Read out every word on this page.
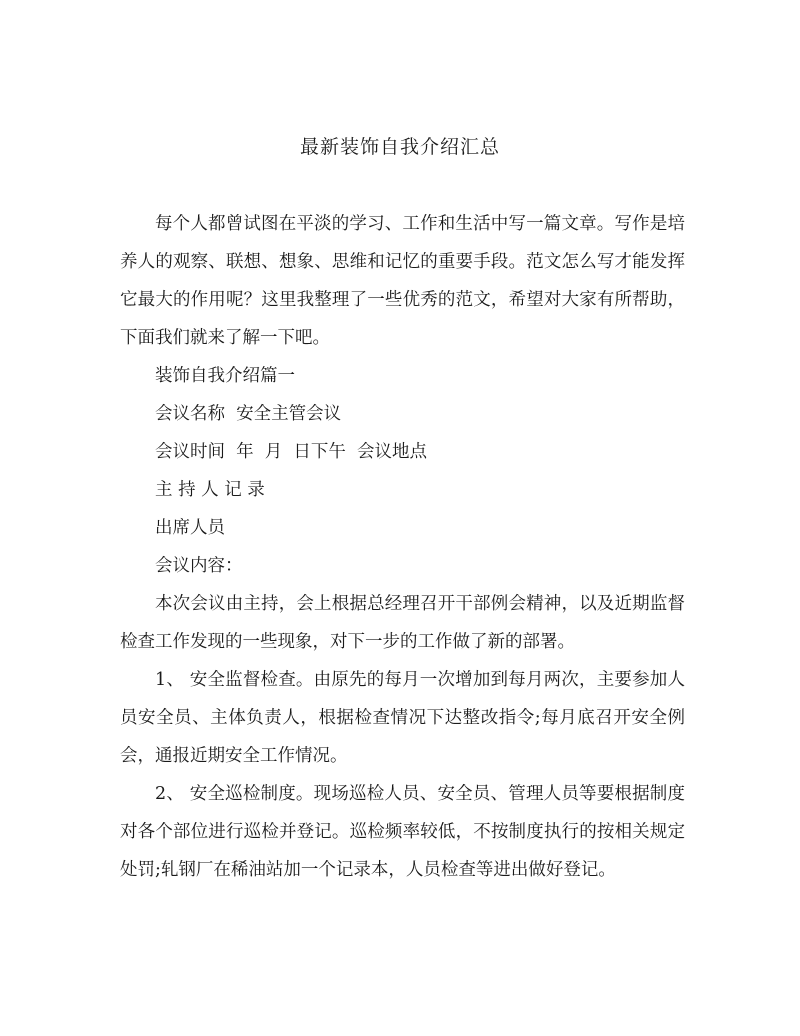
最新装饰自我介绍汇总

每个人都曾试图在平淡的学习、工作和生活中写一篇文章。写作是培养人的观察、联想、想象、思维和记忆的重要手段。范文怎么写才能发挥它最大的作用呢？这里我整理了一些优秀的范文，希望对大家有所帮助，下面我们就来了解一下吧。

装饰自我介绍篇一

会议名称  安全主管会议

会议时间  年  月  日下午  会议地点

主 持 人 记 录

出席人员

会议内容：

本次会议由主持，会上根据总经理召开干部例会精神，以及近期监督检查工作发现的一些现象，对下一步的工作做了新的部署。

1、 安全监督检查。由原先的每月一次增加到每月两次，主要参加人员安全员、主体负责人，根据检查情况下达整改指令;每月底召开安全例会，通报近期安全工作情况。

2、 安全巡检制度。现场巡检人员、安全员、管理人员等要根据制度对各个部位进行巡检并登记。巡检频率较低，不按制度执行的按相关规定处罚;轧钢厂在稀油站加一个记录本，人员检查等进出做好登记。
